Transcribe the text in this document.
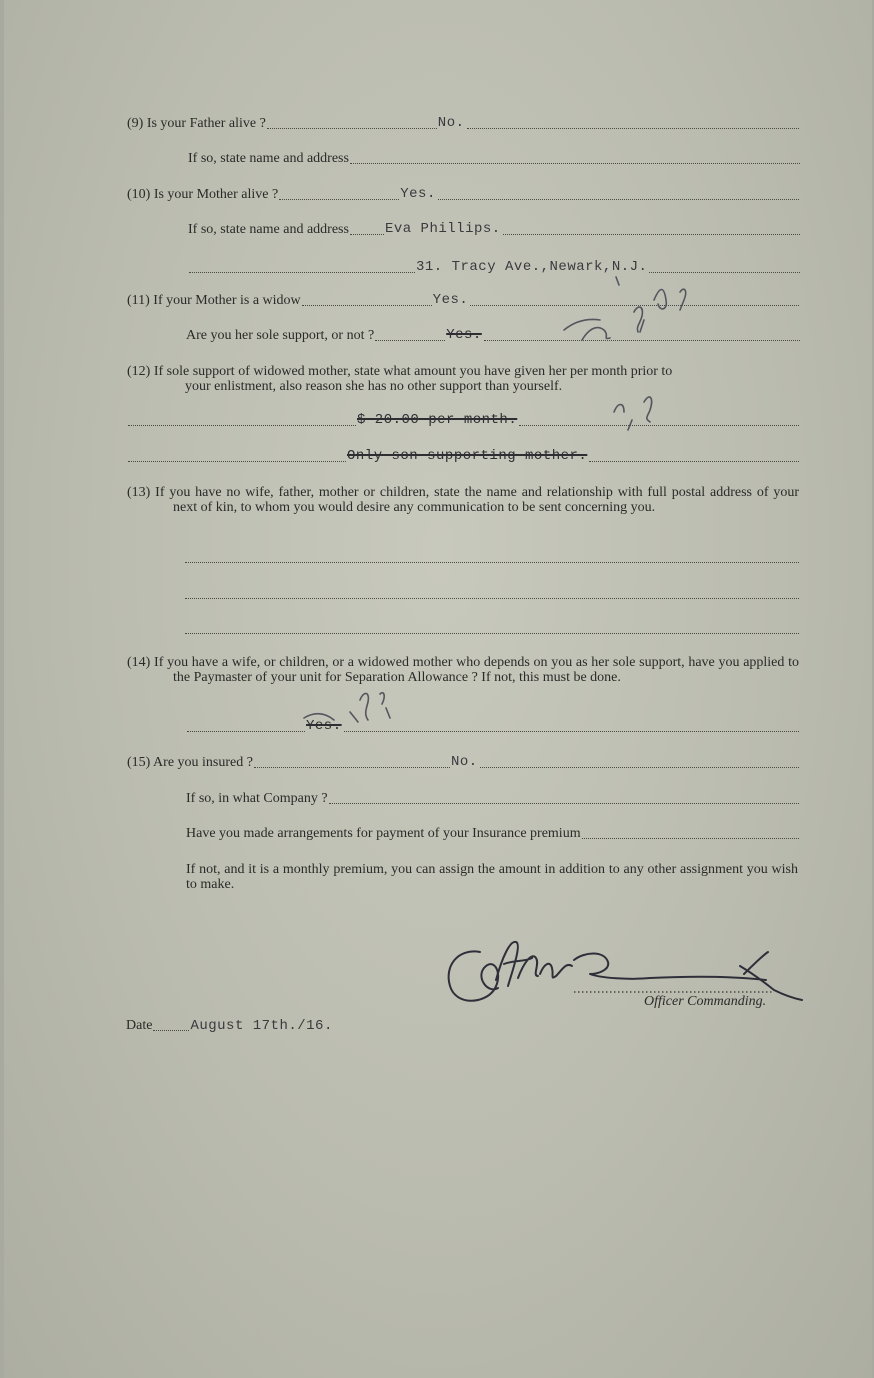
(9) Is your Father alive ?	No.
If so, state name and address
(10) Is your Mother alive ?	Yes.
If so, state name and address	Eva Phillips.
31. Tracy Ave.,Newark,N.J.
(11) If your Mother is a widow	Yes.
Are you her sole support, or not ?	Yes.
(12) If sole support of widowed mother, state what amount you have given her per month prior to
your enlistment, also reason she has no other support than yourself.
$ 20.00 per month.
Only son supporting mother.
(13) If you have no wife, father, mother or children, state the name and relationship with full postal address of your next of kin, to whom you would desire any communication to be sent concerning you.
(14) If you have a wife, or children, or a widowed mother who depends on you as her sole support, have you applied to the Paymaster of your unit for Separation Allowance ? If not, this must be done.
Yes.
(15) Are you insured ?	No.
If so, in what Company ?
Have you made arrangements for payment of your Insurance premium
If not, and it is a monthly premium, you can assign the amount in addition to any other assignment you wish to make.
Officer Commanding.
Date	August 17th./16.
